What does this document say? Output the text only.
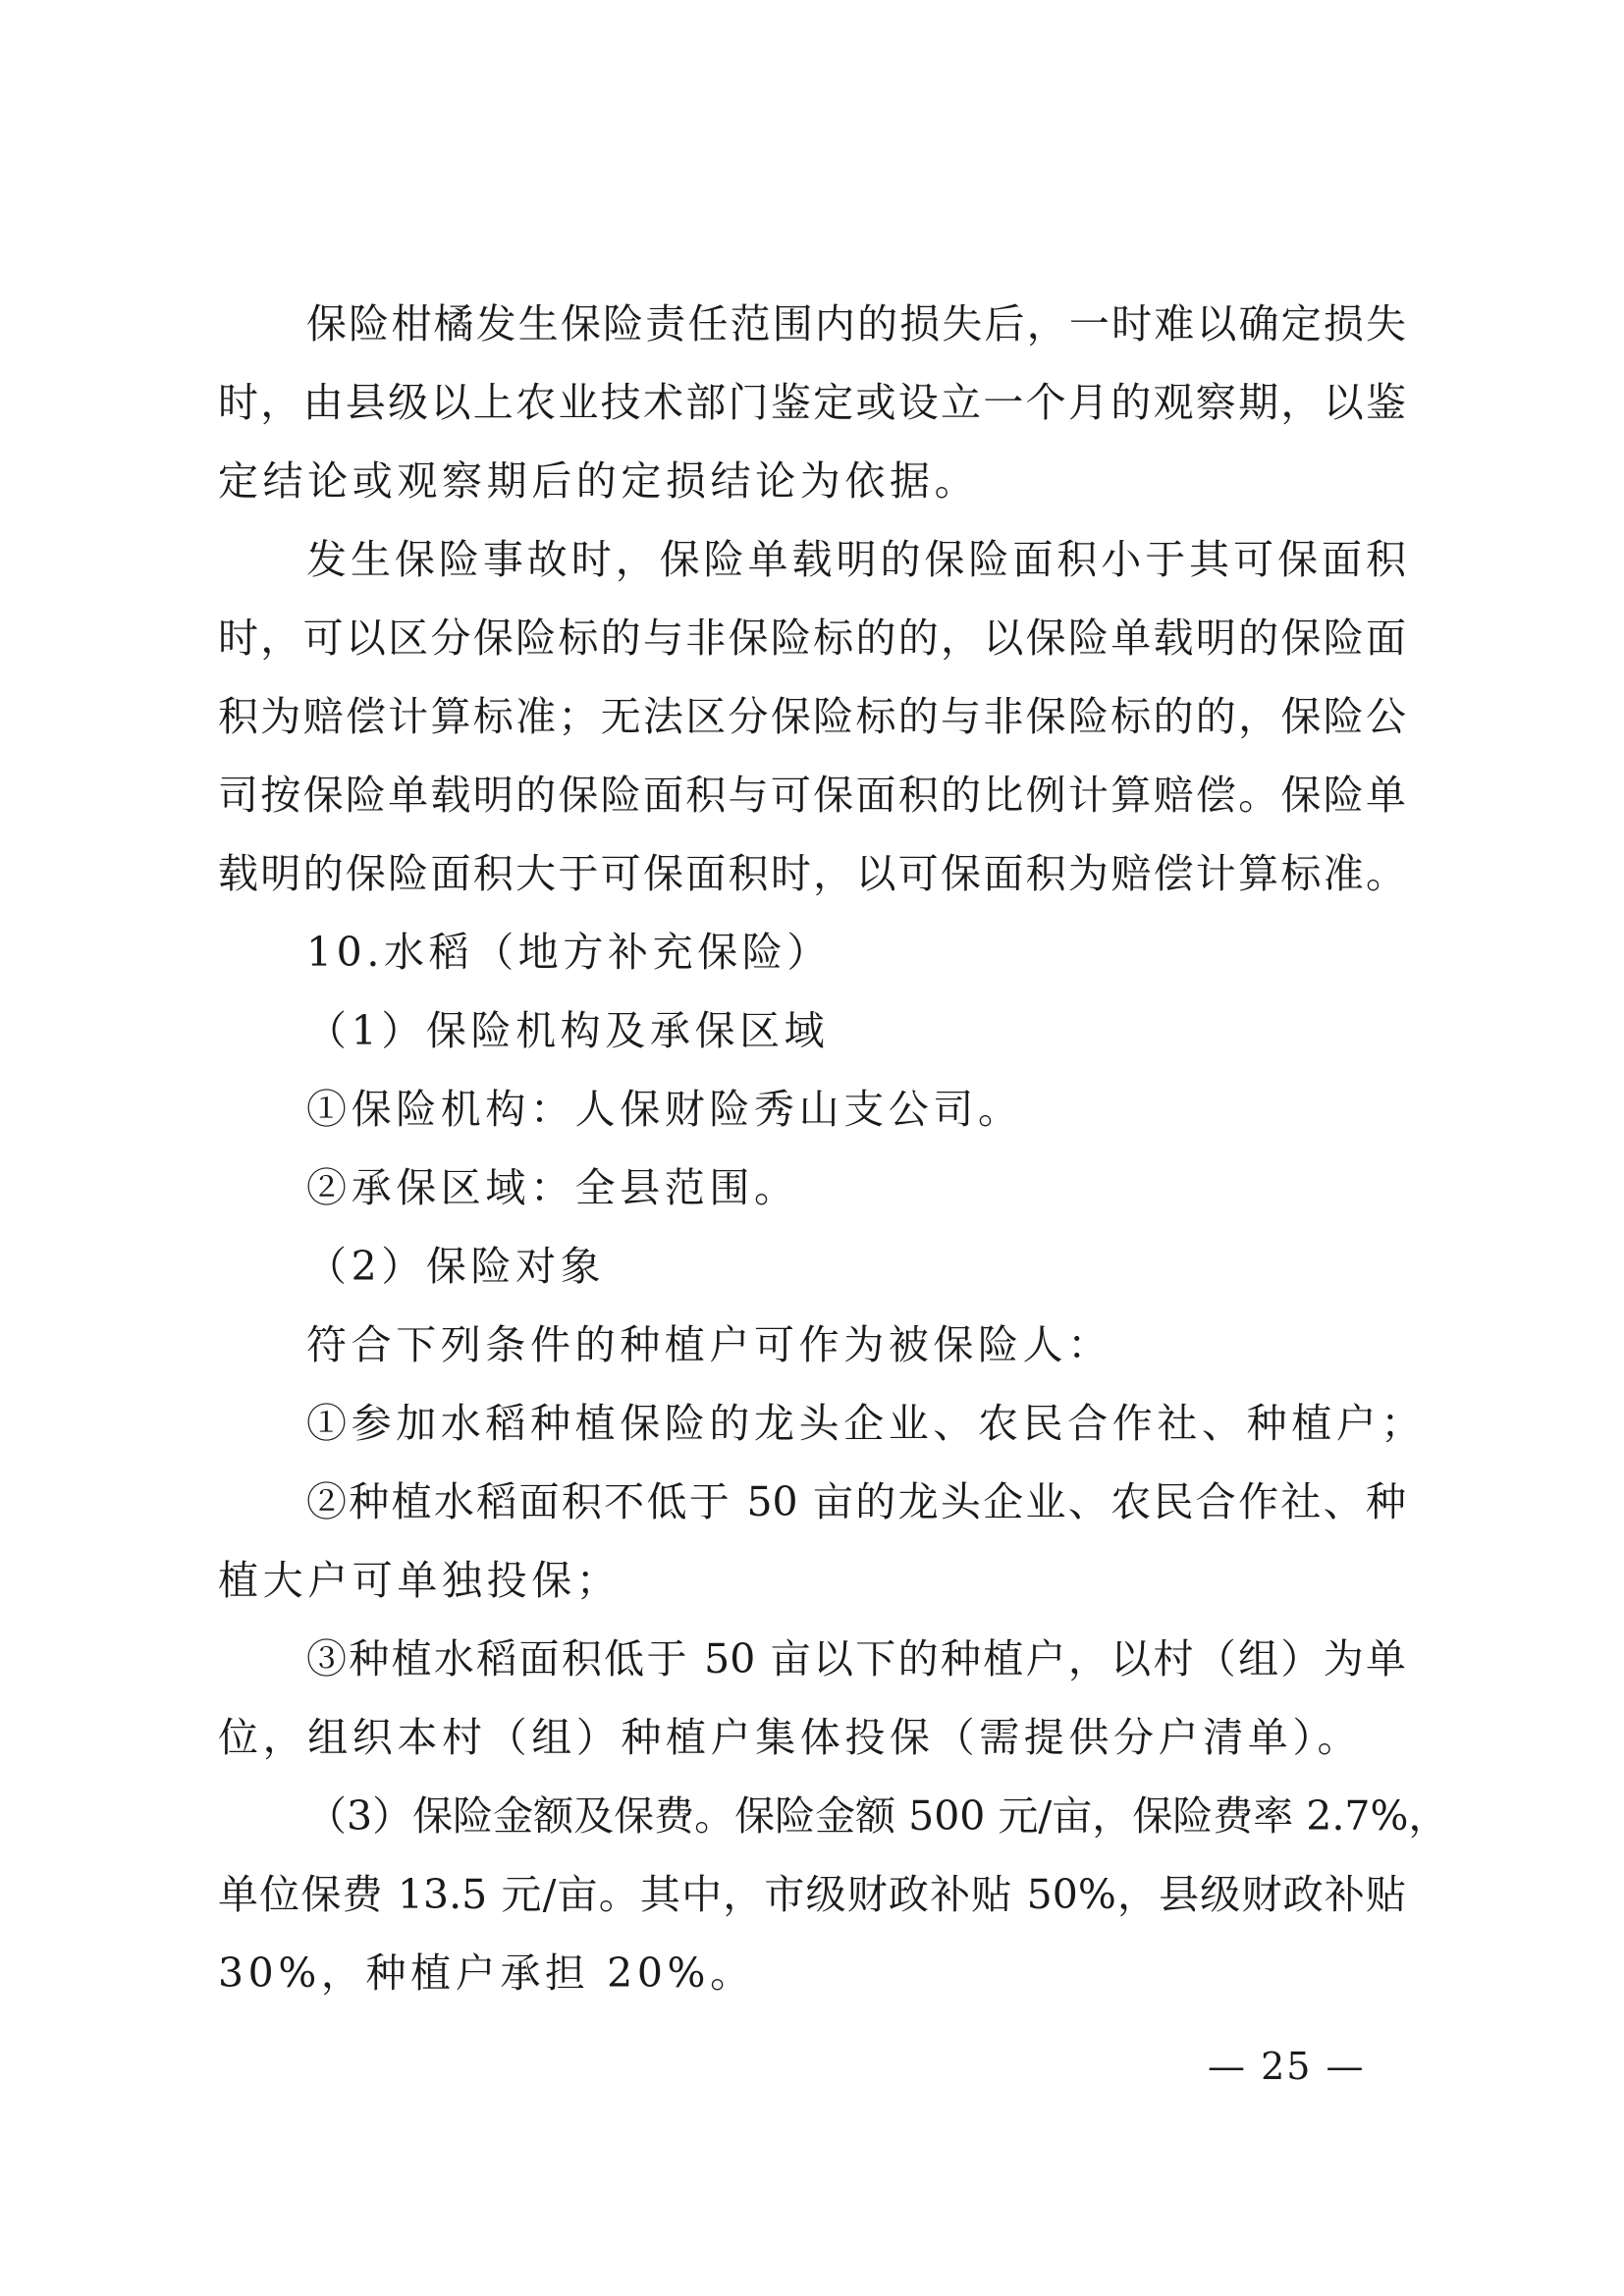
保险柑橘发生保险责任范围内的损失后，一时难以确定损失
时，由县级以上农业技术部门鉴定或设立一个月的观察期，以鉴
定结论或观察期后的定损结论为依据。
发生保险事故时，保险单载明的保险面积小于其可保面积
时，可以区分保险标的与非保险标的的，以保险单载明的保险面
积为赔偿计算标准；无法区分保险标的与非保险标的的，保险公
司按保险单载明的保险面积与可保面积的比例计算赔偿。保险单
载明的保险面积大于可保面积时，以可保面积为赔偿计算标准。
10.水稻（地方补充保险）
（1）保险机构及承保区域
①保险机构：人保财险秀山支公司。
②承保区域：全县范围。
（2）保险对象
符合下列条件的种植户可作为被保险人：
①参加水稻种植保险的龙头企业、农民合作社、种植户；
②种植水稻面积不低于 50 亩的龙头企业、农民合作社、种
植大户可单独投保；
③种植水稻面积低于 50 亩以下的种植户，以村（组）为单
位，组织本村（组）种植户集体投保（需提供分户清单）。
（3）保险金额及保费。保险金额 500 元/亩，保险费率 2.7%，
单位保费 13.5 元/亩。其中，市级财政补贴 50%，县级财政补贴
30%，种植户承担 20%。
— 25 —
